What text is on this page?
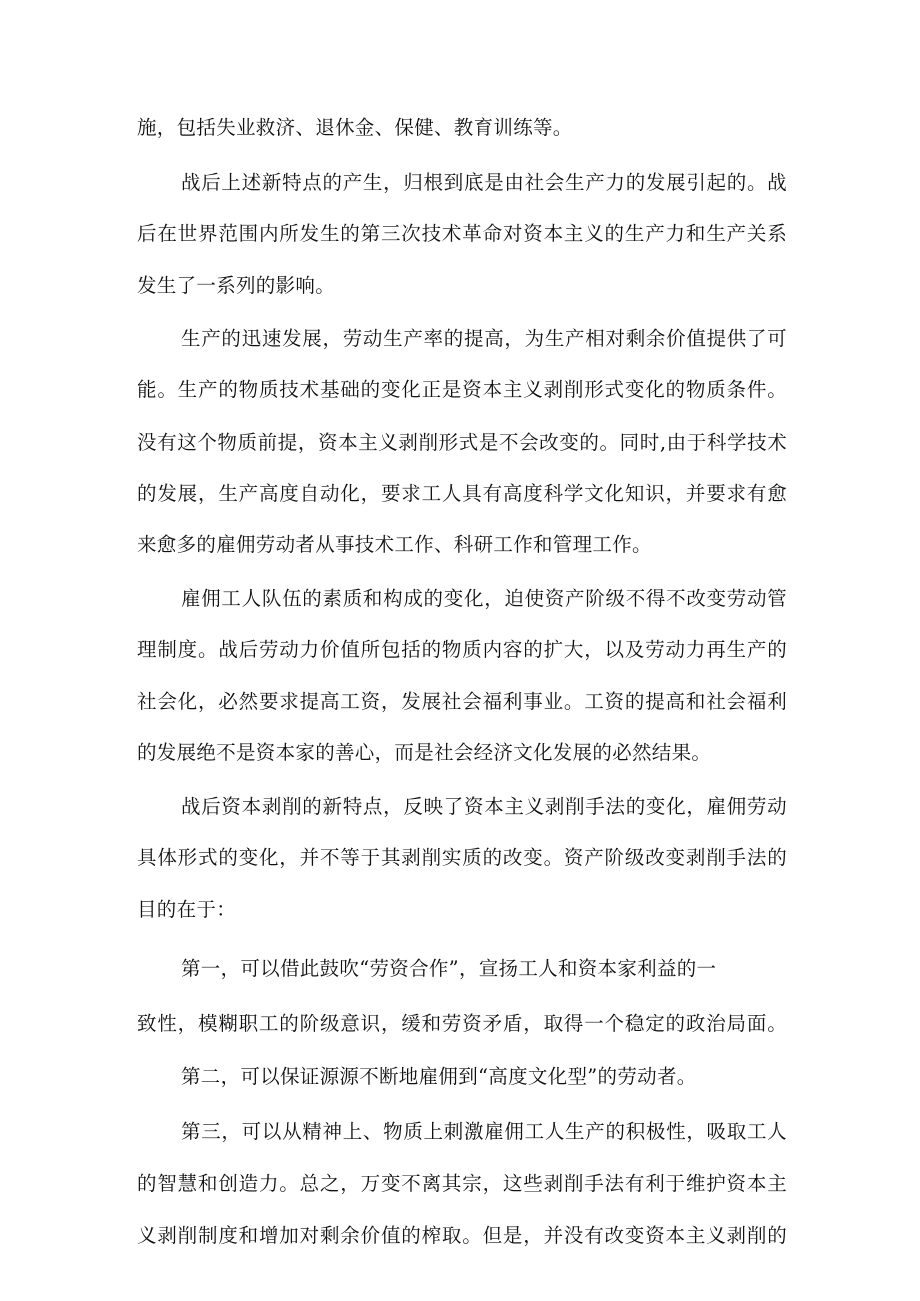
施，包括失业救济、退休金、保健、教育训练等。
战后上述新特点的产生，归根到底是由社会生产力的发展引起的。战
后在世界范围内所发生的第三次技术革命对资本主义的生产力和生产关系
发生了一系列的影响。
生产的迅速发展，劳动生产率的提高，为生产相对剩余价值提供了可
能。生产的物质技术基础的变化正是资本主义剥削形式变化的物质条件。
没有这个物质前提，资本主义剥削形式是不会改变的。同时,由于科学技术
的发展，生产高度自动化，要求工人具有高度科学文化知识，并要求有愈
来愈多的雇佣劳动者从事技术工作、科研工作和管理工作。
雇佣工人队伍的素质和构成的变化，迫使资产阶级不得不改变劳动管
理制度。战后劳动力价值所包括的物质内容的扩大，以及劳动力再生产的
社会化，必然要求提高工资，发展社会福利事业。工资的提高和社会福利
的发展绝不是资本家的善心，而是社会经济文化发展的必然结果。
战后资本剥削的新特点，反映了资本主义剥削手法的变化，雇佣劳动
具体形式的变化，并不等于其剥削实质的改变。资产阶级改变剥削手法的
目的在于：
第一，可以借此鼓吹“劳资合作”，宣扬工人和资本家利益的一
致性，模糊职工的阶级意识，缓和劳资矛盾，取得一个稳定的政治局面。
第二，可以保证源源不断地雇佣到“高度文化型”的劳动者。
第三，可以从精神上、物质上刺激雇佣工人生产的积极性，吸取工人
的智慧和创造力。总之，万变不离其宗，这些剥削手法有利于维护资本主
义剥削制度和增加对剩余价值的榨取。但是，并没有改变资本主义剥削的
